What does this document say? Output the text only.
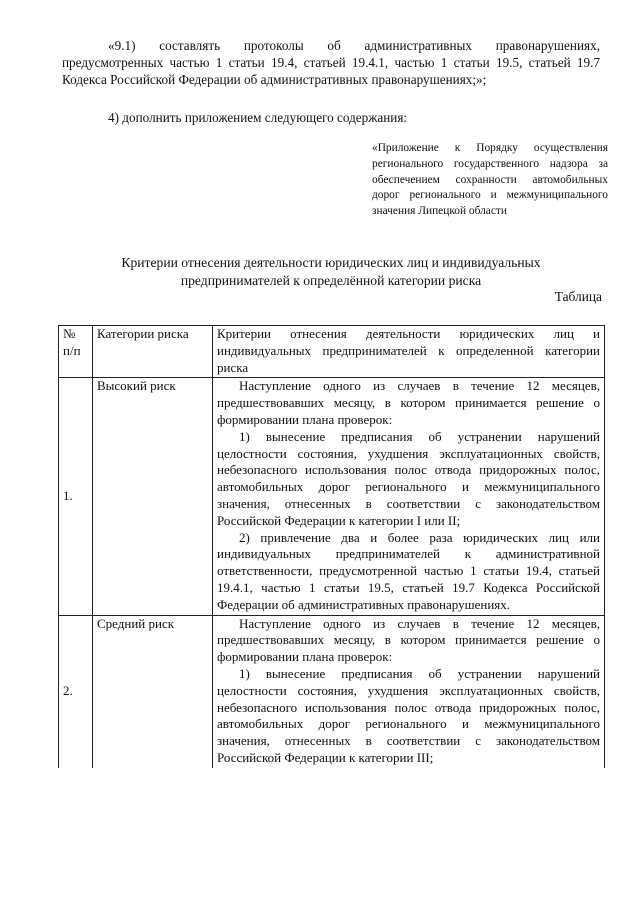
«9.1) составлять протоколы об административных правонарушениях, предусмотренных частью 1 статьи 19.4, статьей 19.4.1, частью 1 статьи 19.5, статьей 19.7 Кодекса Российской Федерации об административных правонарушениях;»;

4) дополнить приложением следующего содержания:

«Приложение к Порядку осуществления регионального государственного надзора за обеспечением сохранности автомобильных дорог регионального и межмуниципального значения Липецкой области
Критерии отнесения деятельности юридических лиц и индивидуальных
предпринимателей к определённой категории риска
Таблица
№ п/п	Категории риска	Критерии отнесения деятельности юридических лиц и индивидуальных предпринимателей к определенной категории риска
1.	Высокий риск	Наступление одного из случаев в течение 12 месяцев, предшествовавших месяцу, в котором принимается решение о формировании плана проверок:

1) вынесение предписания об устранении нарушений целостности состояния, ухудшения эксплуатационных свойств, небезопасного использования полос отвода придорожных полос, автомобильных дорог регионального и межмуниципального значения, отнесенных в соответствии с законодательством Российской Федерации к категории I или II;

2) привлечение два и более раза юридических лиц или индивидуальных предпринимателей к административной ответственности, предусмотренной частью 1 статьи 19.4, статьей 19.4.1, частью 1 статьи 19.5, статьей 19.7 Кодекса Российской Федерации об административных правонарушениях.

2.	Средний риск	Наступление одного из случаев в течение 12 месяцев, предшествовавших месяцу, в котором принимается решение о формировании плана проверок:

1) вынесение предписания об устранении нарушений целостности состояния, ухудшения эксплуатационных свойств, небезопасного использования полос отвода придорожных полос, автомобильных дорог регионального и межмуниципального значения, отнесенных в соответствии с законодательством Российской Федерации к категории III;
